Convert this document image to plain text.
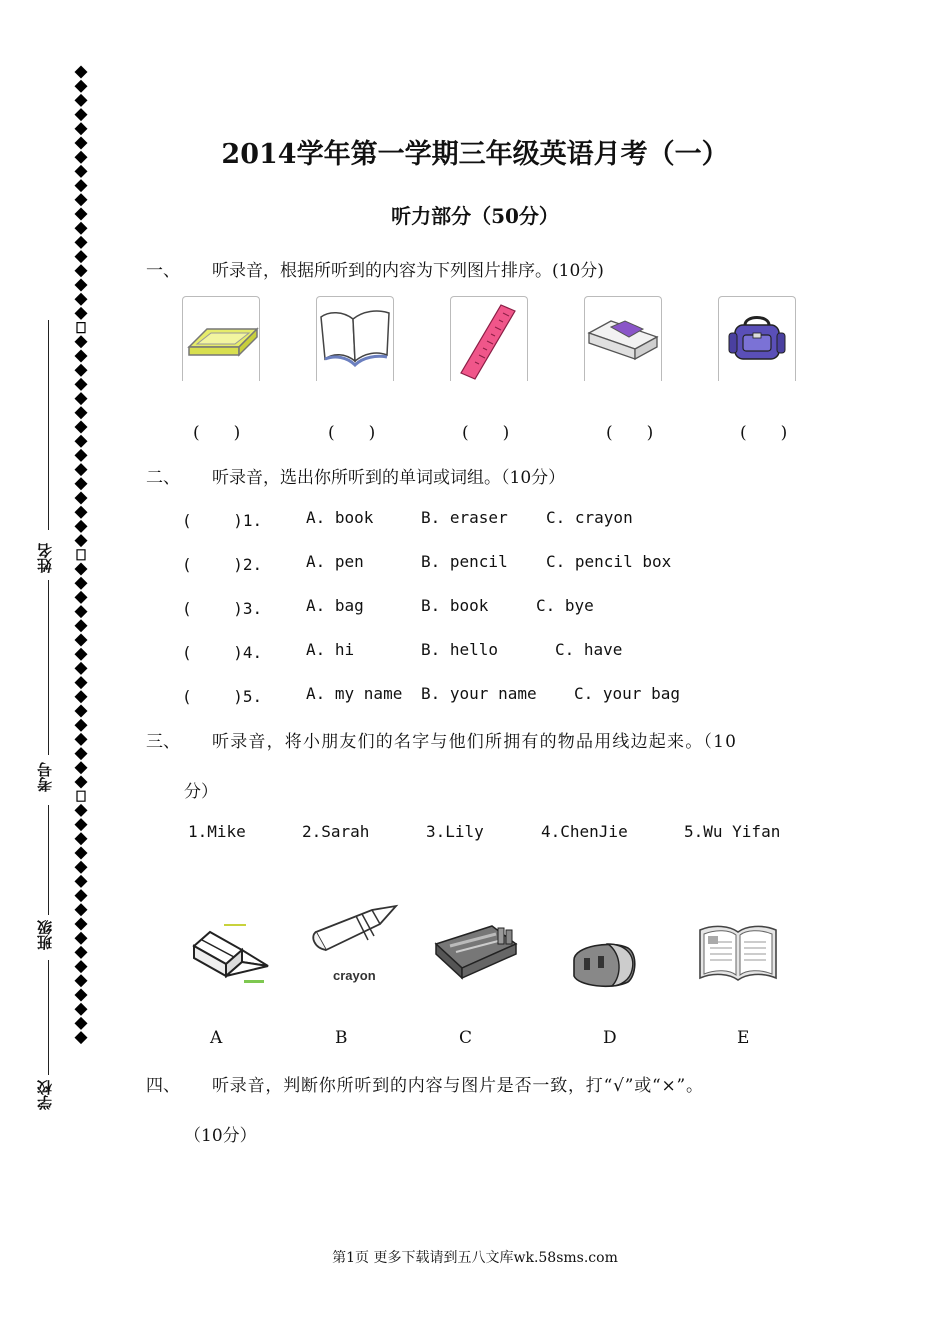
姓名
考号
班级
学校
2014学年第一学期三年级英语月考（一）
听力部分（50分）
一、 听录音，根据所听到的内容为下列图片排序。(10分)
(　　)	(　　)	(　　)	(　　)	(　　)
二、 听录音，选出你所听到的单词或词组。（10分）
(　　 )1.	A. book	B. eraser C. crayon
(　　 )2.	A. pen	B. pencil C. pencil box
(　　 )3.	A. bag	B. book	C. bye
(　　 )4.	A. hi	B. hello	C. have
(　　 )5.	A. my name B. your name C. your bag
三、 听录音，将小朋友们的名字与他们所拥有的物品用线边起来。（10
分）
1.Mike	2.Sarah	3.Lily	4.ChenJie	5.Wu Yifan
crayon
A	B	C	D	E
四、 听录音，判断你所听到的内容与图片是否一致，打“√”或“×”。
（10分）
第1页 更多下载请到五八文库wk.58sms.com
